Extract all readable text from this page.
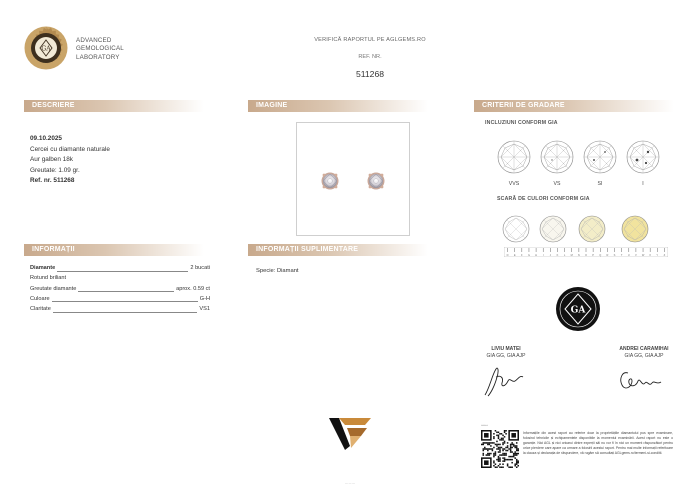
GA
ADVANCED
GEMOLOGICAL
LABORATORY
VERIFICĂ RAPORTUL PE AGLGEMS.RO
REF. NR.
511268
DESCRIERE	IMAGINE	CRITERII DE GRADARE
INFORMAȚII	INFORMAȚII SUPLIMENTARE
09.10.2025
Cercei cu diamante naturale
Aur galben 18k
Greutate: 1.09 gr.
Ref. nr. 511268
Specie: Diamant
Diamante	2 bucati
Rotund briliant
Greutate diamante	aprox. 0.59 ct
Culoare	G-H
Claritate	VS1
INCLUZIUNI CONFORM GIA
VVS	VS	SI	I
SCARĂ DE CULORI CONFORM GIA
D E F G H I J K L M N O P Q R S T U V W X Y Z
GA
LIVIU MATEI
GIA GG, GIA AJP
ANDREI CARAMIHAI
GIA GG, GIA AJP
— — —
▪▪▪▪▪▪▪▪
Informațiile din acest raport au referire doar la proprietățiile diamantului pus spre examinare, folosind tehnicile și echipamentele disponibile la momentul examinării. Acest raport nu este o garanție. Nici AGL și nici oricarui dintre experții săi nu vor fi în nici un moment răspunzători pentru orice pierdere care apare ca urmare a folosirii acestui raport. Pentru mai multe informații referitoare la clauza și declarația de răspundere, vă rugăm să consultați AGLgems.ro/termeni-si-conditii.
